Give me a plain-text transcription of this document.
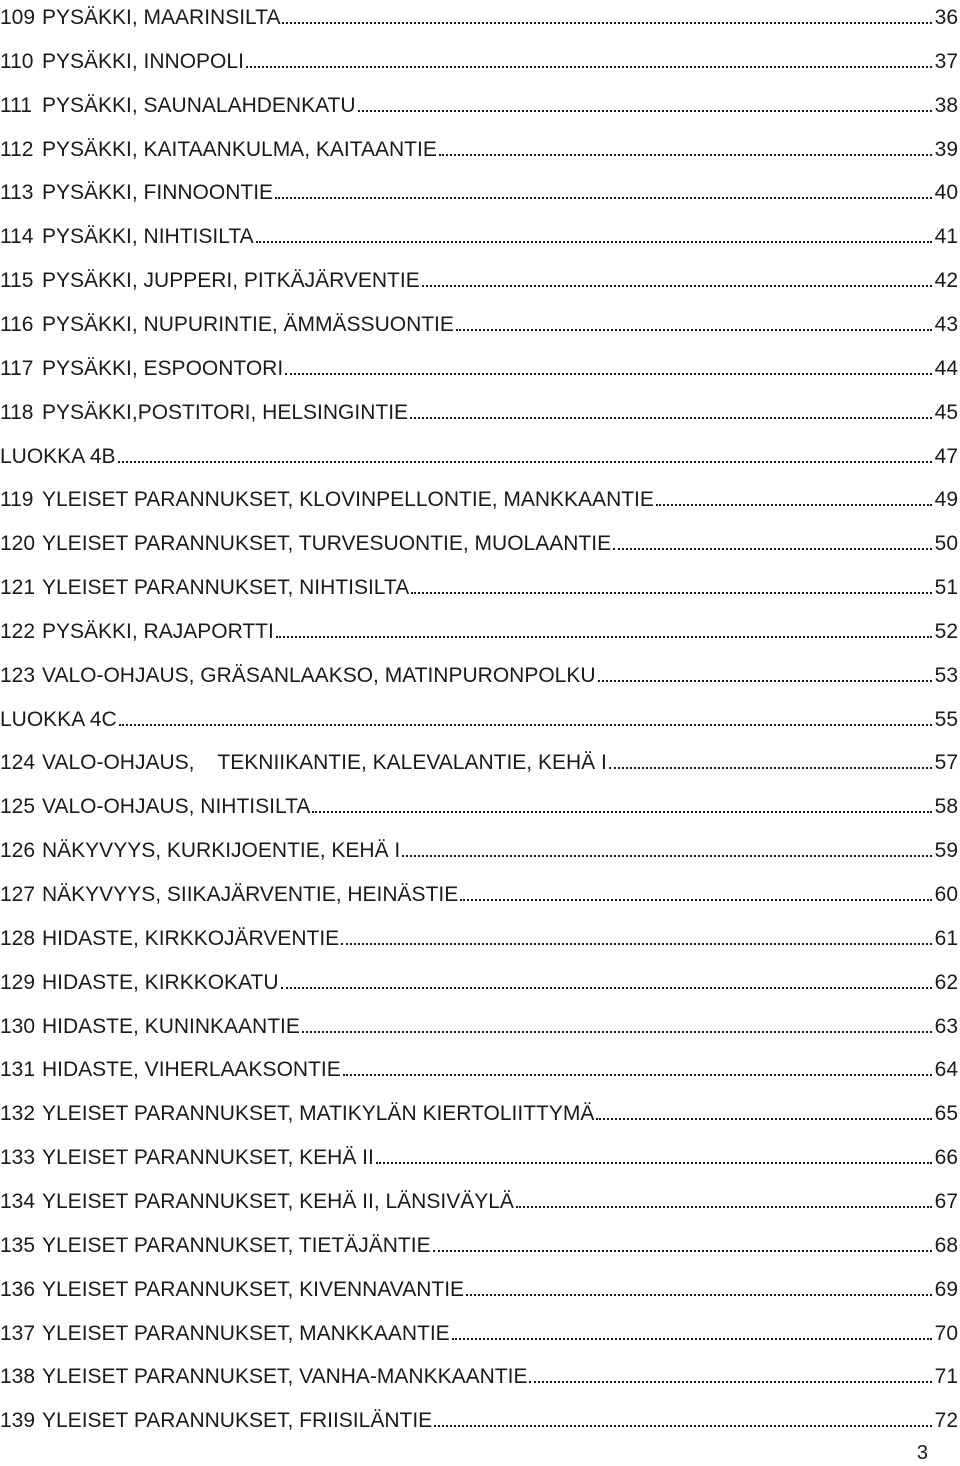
109 PYSÄKKI, MAARINSILTA	36
110 PYSÄKKI, INNOPOLI	37
111 PYSÄKKI, SAUNALAHDENKATU	38
112 PYSÄKKI, KAITAANKULMA, KAITAANTIE	39
113 PYSÄKKI, FINNOONTIE	40
114 PYSÄKKI, NIHTISILTA	41
115 PYSÄKKI, JUPPERI, PITKÄJÄRVENTIE	42
116 PYSÄKKI, NUPURINTIE, ÄMMÄSSUONTIE	43
117 PYSÄKKI, ESPOONTORI	44
118 PYSÄKKI,POSTITORI, HELSINGINTIE	45
LUOKKA 4B	47
119 YLEISET PARANNUKSET, KLOVINPELLONTIE, MANKKAANTIE	49
120 YLEISET PARANNUKSET, TURVESUONTIE, MUOLAANTIE	50
121 YLEISET PARANNUKSET, NIHTISILTA	51
122 PYSÄKKI, RAJAPORTTI	52
123 VALO-OHJAUS, GRÄSANLAAKSO, MATINPURONPOLKU	53
LUOKKA 4C	55
124 VALO-OHJAUS,    TEKNIIKANTIE, KALEVALANTIE, KEHÄ I	57
125 VALO-OHJAUS, NIHTISILTA	58
126 NÄKYVYYS, KURKIJOENTIE, KEHÄ I	59
127 NÄKYVYYS, SIIKAJÄRVENTIE, HEINÄSTIE	60
128 HIDASTE, KIRKKOJÄRVENTIE	61
129 HIDASTE, KIRKKOKATU	62
130 HIDASTE, KUNINKAANTIE	63
131 HIDASTE, VIHERLAAKSONTIE	64
132 YLEISET PARANNUKSET, MATIKYLÄN KIERTOLIITTYMÄ	65
133 YLEISET PARANNUKSET, KEHÄ II	66
134 YLEISET PARANNUKSET, KEHÄ II, LÄNSIVÄYLÄ	67
135 YLEISET PARANNUKSET, TIETÄJÄNTIE	68
136 YLEISET PARANNUKSET, KIVENNAVANTIE	69
137 YLEISET PARANNUKSET, MANKKAANTIE	70
138 YLEISET PARANNUKSET, VANHA-MANKKAANTIE	71
139 YLEISET PARANNUKSET, FRIISILÄNTIE	72
3
